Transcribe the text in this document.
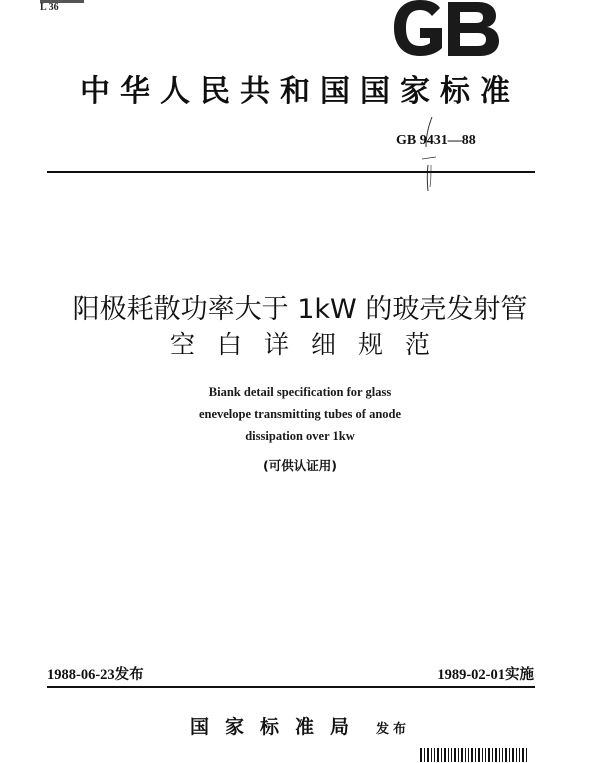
L 36
中华人民共和国国家标准
GB 9431—88
阳极耗散功率大于 1kW 的玻壳发射管
空白详细规范
Biank detail specification for glass
enevelope transmitting tubes of anode
dissipation over 1kw
(可供认证用)
1988-06-23发布	1989-02-01实施
国家标准局 发布
